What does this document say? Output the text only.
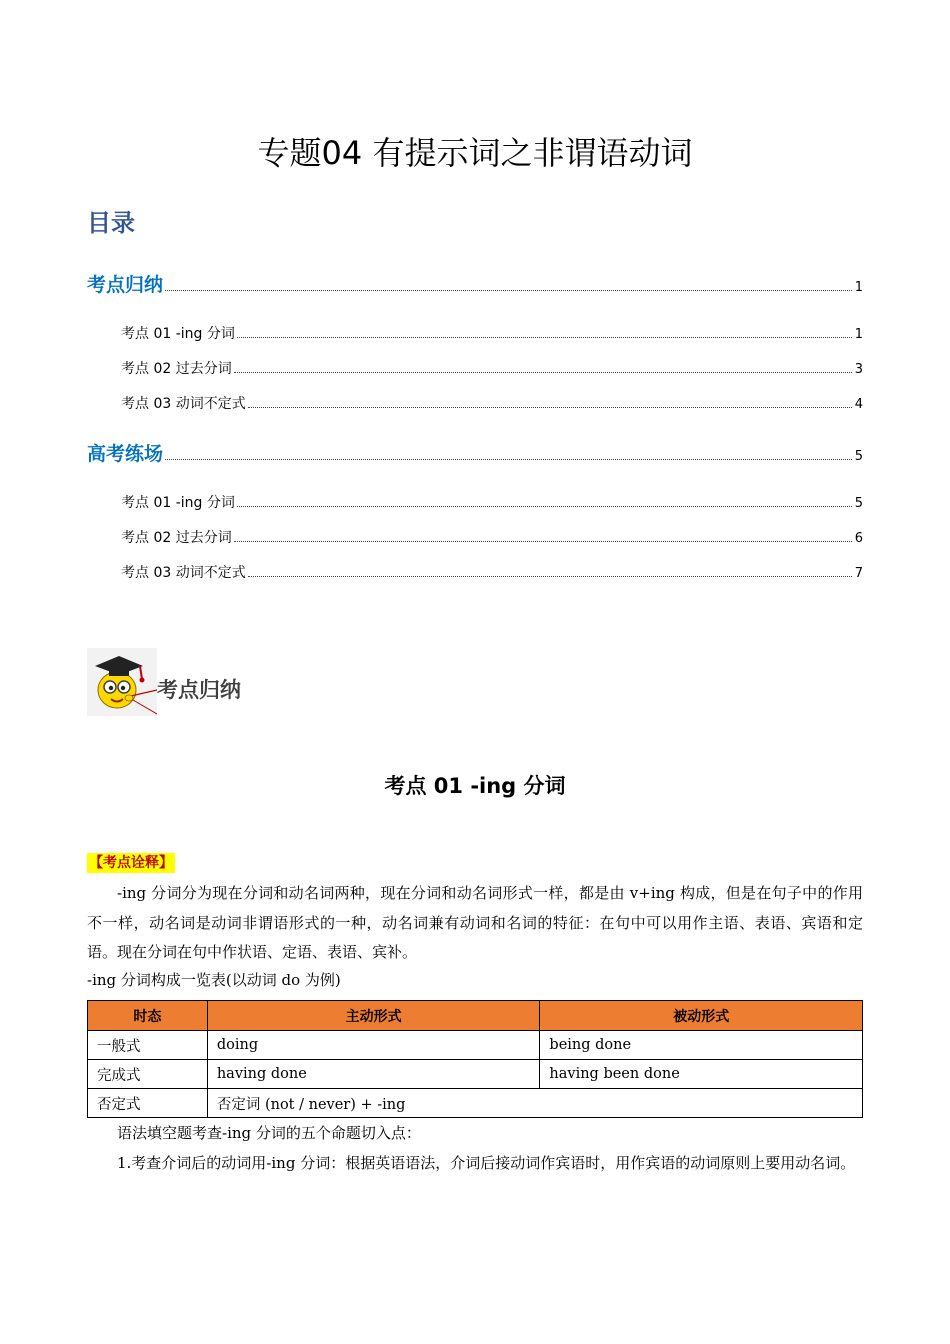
专题04 有提示词之非谓语动词
目录
考点归纳	1
考点 01 -ing 分词	1
考点 02 过去分词	3
考点 03 动词不定式	4
高考练场	5
考点 01 -ing 分词	5
考点 02 过去分词	6
考点 03 动词不定式	7
考点归纳
考点 01 -ing 分词
【考点诠释】

-ing 分词分为现在分词和动名词两种，现在分词和动名词形式一样，都是由 v+ing 构成，但是在句子中的作用不一样，动名词是动词非谓语形式的一种，动名词兼有动词和名词的特征：在句中可以用作主语、表语、宾语和定语。现在分词在句中作状语、定语、表语、宾补。

-ing 分词构成一览表(以动词 do 为例)

时态	主动形式	被动形式
一般式	doing	being done
完成式	having done	having been done
否定式	否定词 (not / never) + -ing	

语法填空题考查-ing 分词的五个命题切入点：

1.考查介词后的动词用-ing 分词：根据英语语法，介词后接动词作宾语时，用作宾语的动词原则上要用动名词。
